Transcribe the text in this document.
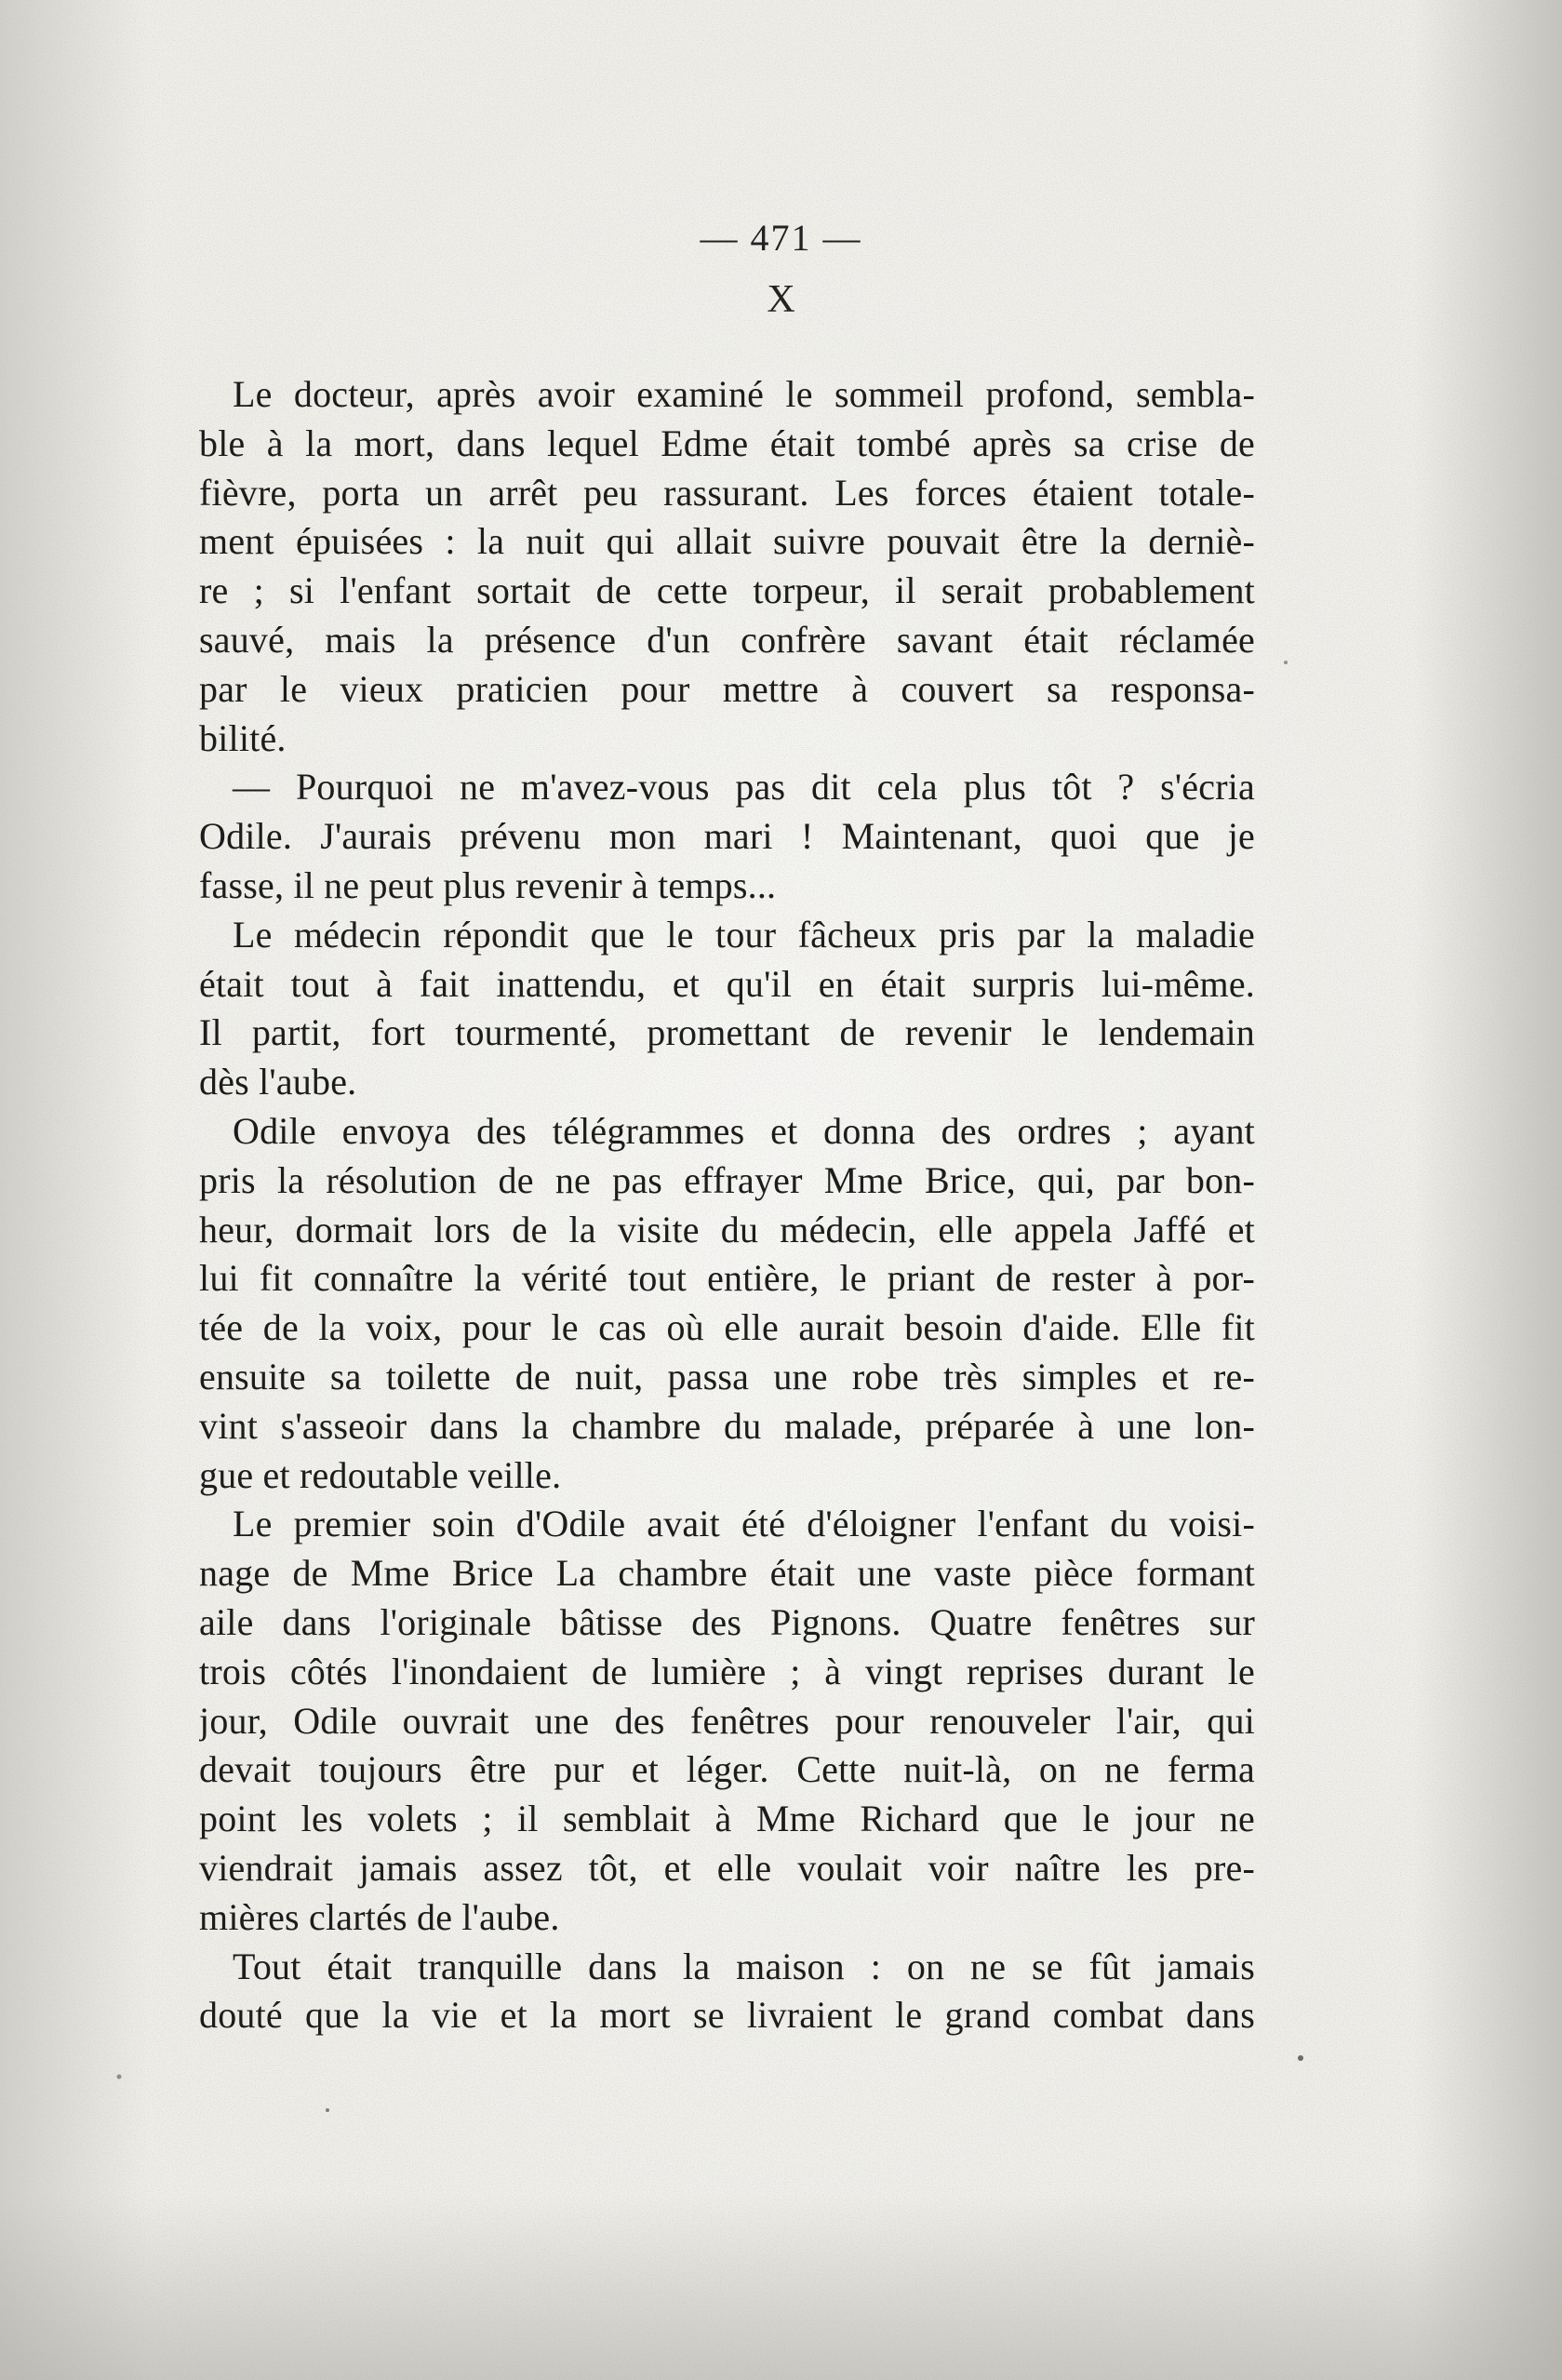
— 471 —
X
Le docteur, après avoir examiné le sommeil profond, sembla-
ble à la mort, dans lequel Edme était tombé après sa crise de
fièvre, porta un arrêt peu rassurant. Les forces étaient totale-
ment épuisées : la nuit qui allait suivre pouvait être la derniè-
re ; si l'enfant sortait de cette torpeur, il serait probablement
sauvé, mais la présence d'un confrère savant était réclamée
par le vieux praticien pour mettre à couvert sa responsa-
bilité.
— Pourquoi ne m'avez-vous pas dit cela plus tôt ? s'écria
Odile. J'aurais prévenu mon mari ! Maintenant, quoi que je
fasse, il ne peut plus revenir à temps...
Le médecin répondit que le tour fâcheux pris par la maladie
était tout à fait inattendu, et qu'il en était surpris lui-même.
Il partit, fort tourmenté, promettant de revenir le lendemain
dès l'aube.
Odile envoya des télégrammes et donna des ordres ; ayant
pris la résolution de ne pas effrayer Mme Brice, qui, par bon-
heur, dormait lors de la visite du médecin, elle appela Jaffé et
lui fit connaître la vérité tout entière, le priant de rester à por-
tée de la voix, pour le cas où elle aurait besoin d'aide. Elle fit
ensuite sa toilette de nuit, passa une robe très simples et re-
vint s'asseoir dans la chambre du malade, préparée à une lon-
gue et redoutable veille.
Le premier soin d'Odile avait été d'éloigner l'enfant du voisi-
nage de Mme Brice La chambre était une vaste pièce formant
aile dans l'originale bâtisse des Pignons. Quatre fenêtres sur
trois côtés l'inondaient de lumière ; à vingt reprises durant le
jour, Odile ouvrait une des fenêtres pour renouveler l'air, qui
devait toujours être pur et léger. Cette nuit-là, on ne ferma
point les volets ; il semblait à Mme Richard que le jour ne
viendrait jamais assez tôt, et elle voulait voir naître les pre-
mières clartés de l'aube.
Tout était tranquille dans la maison : on ne se fût jamais
douté que la vie et la mort se livraient le grand combat dans
